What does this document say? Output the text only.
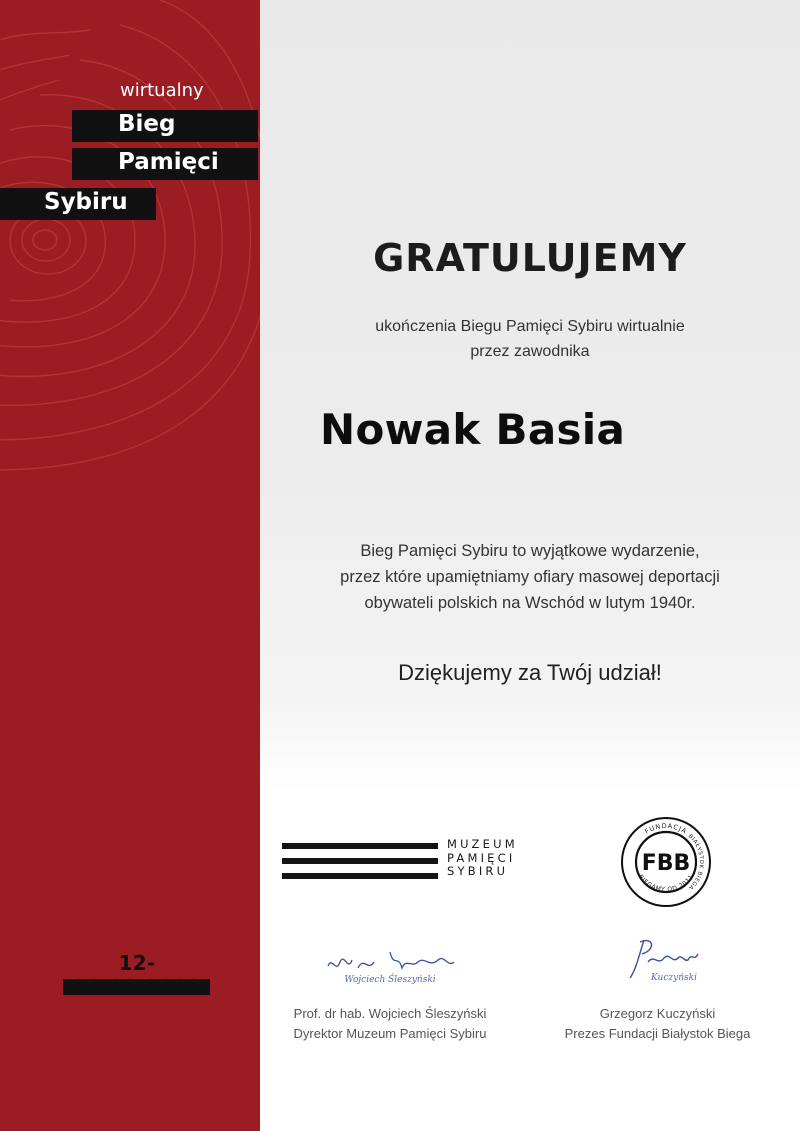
wirtualny
Bieg
Pamięci
Sybiru
12-
GRATULUJEMY
ukończenia Biegu Pamięci Sybiru wirtualnie
przez zawodnika
Nowak Basia
Bieg Pamięci Sybiru to wyjątkowe wydarzenie,
przez które upamiętniamy ofiary masowej deportacji
obywateli polskich na Wschód w lutym 1940r.
Dziękujemy za Twój udział!
MUZEUM
PAMIĘCI
SYBIRU
FUNDACJA
BIAŁYSTOK BIEGA
BIEGAMY OD 2011
FBB
Wojciech Śleszyński	Kuczyński
Prof. dr hab. Wojciech Śleszyński
Dyrektor Muzeum Pamięci Sybiru
Grzegorz Kuczyński
Prezes Fundacji Białystok Biega
